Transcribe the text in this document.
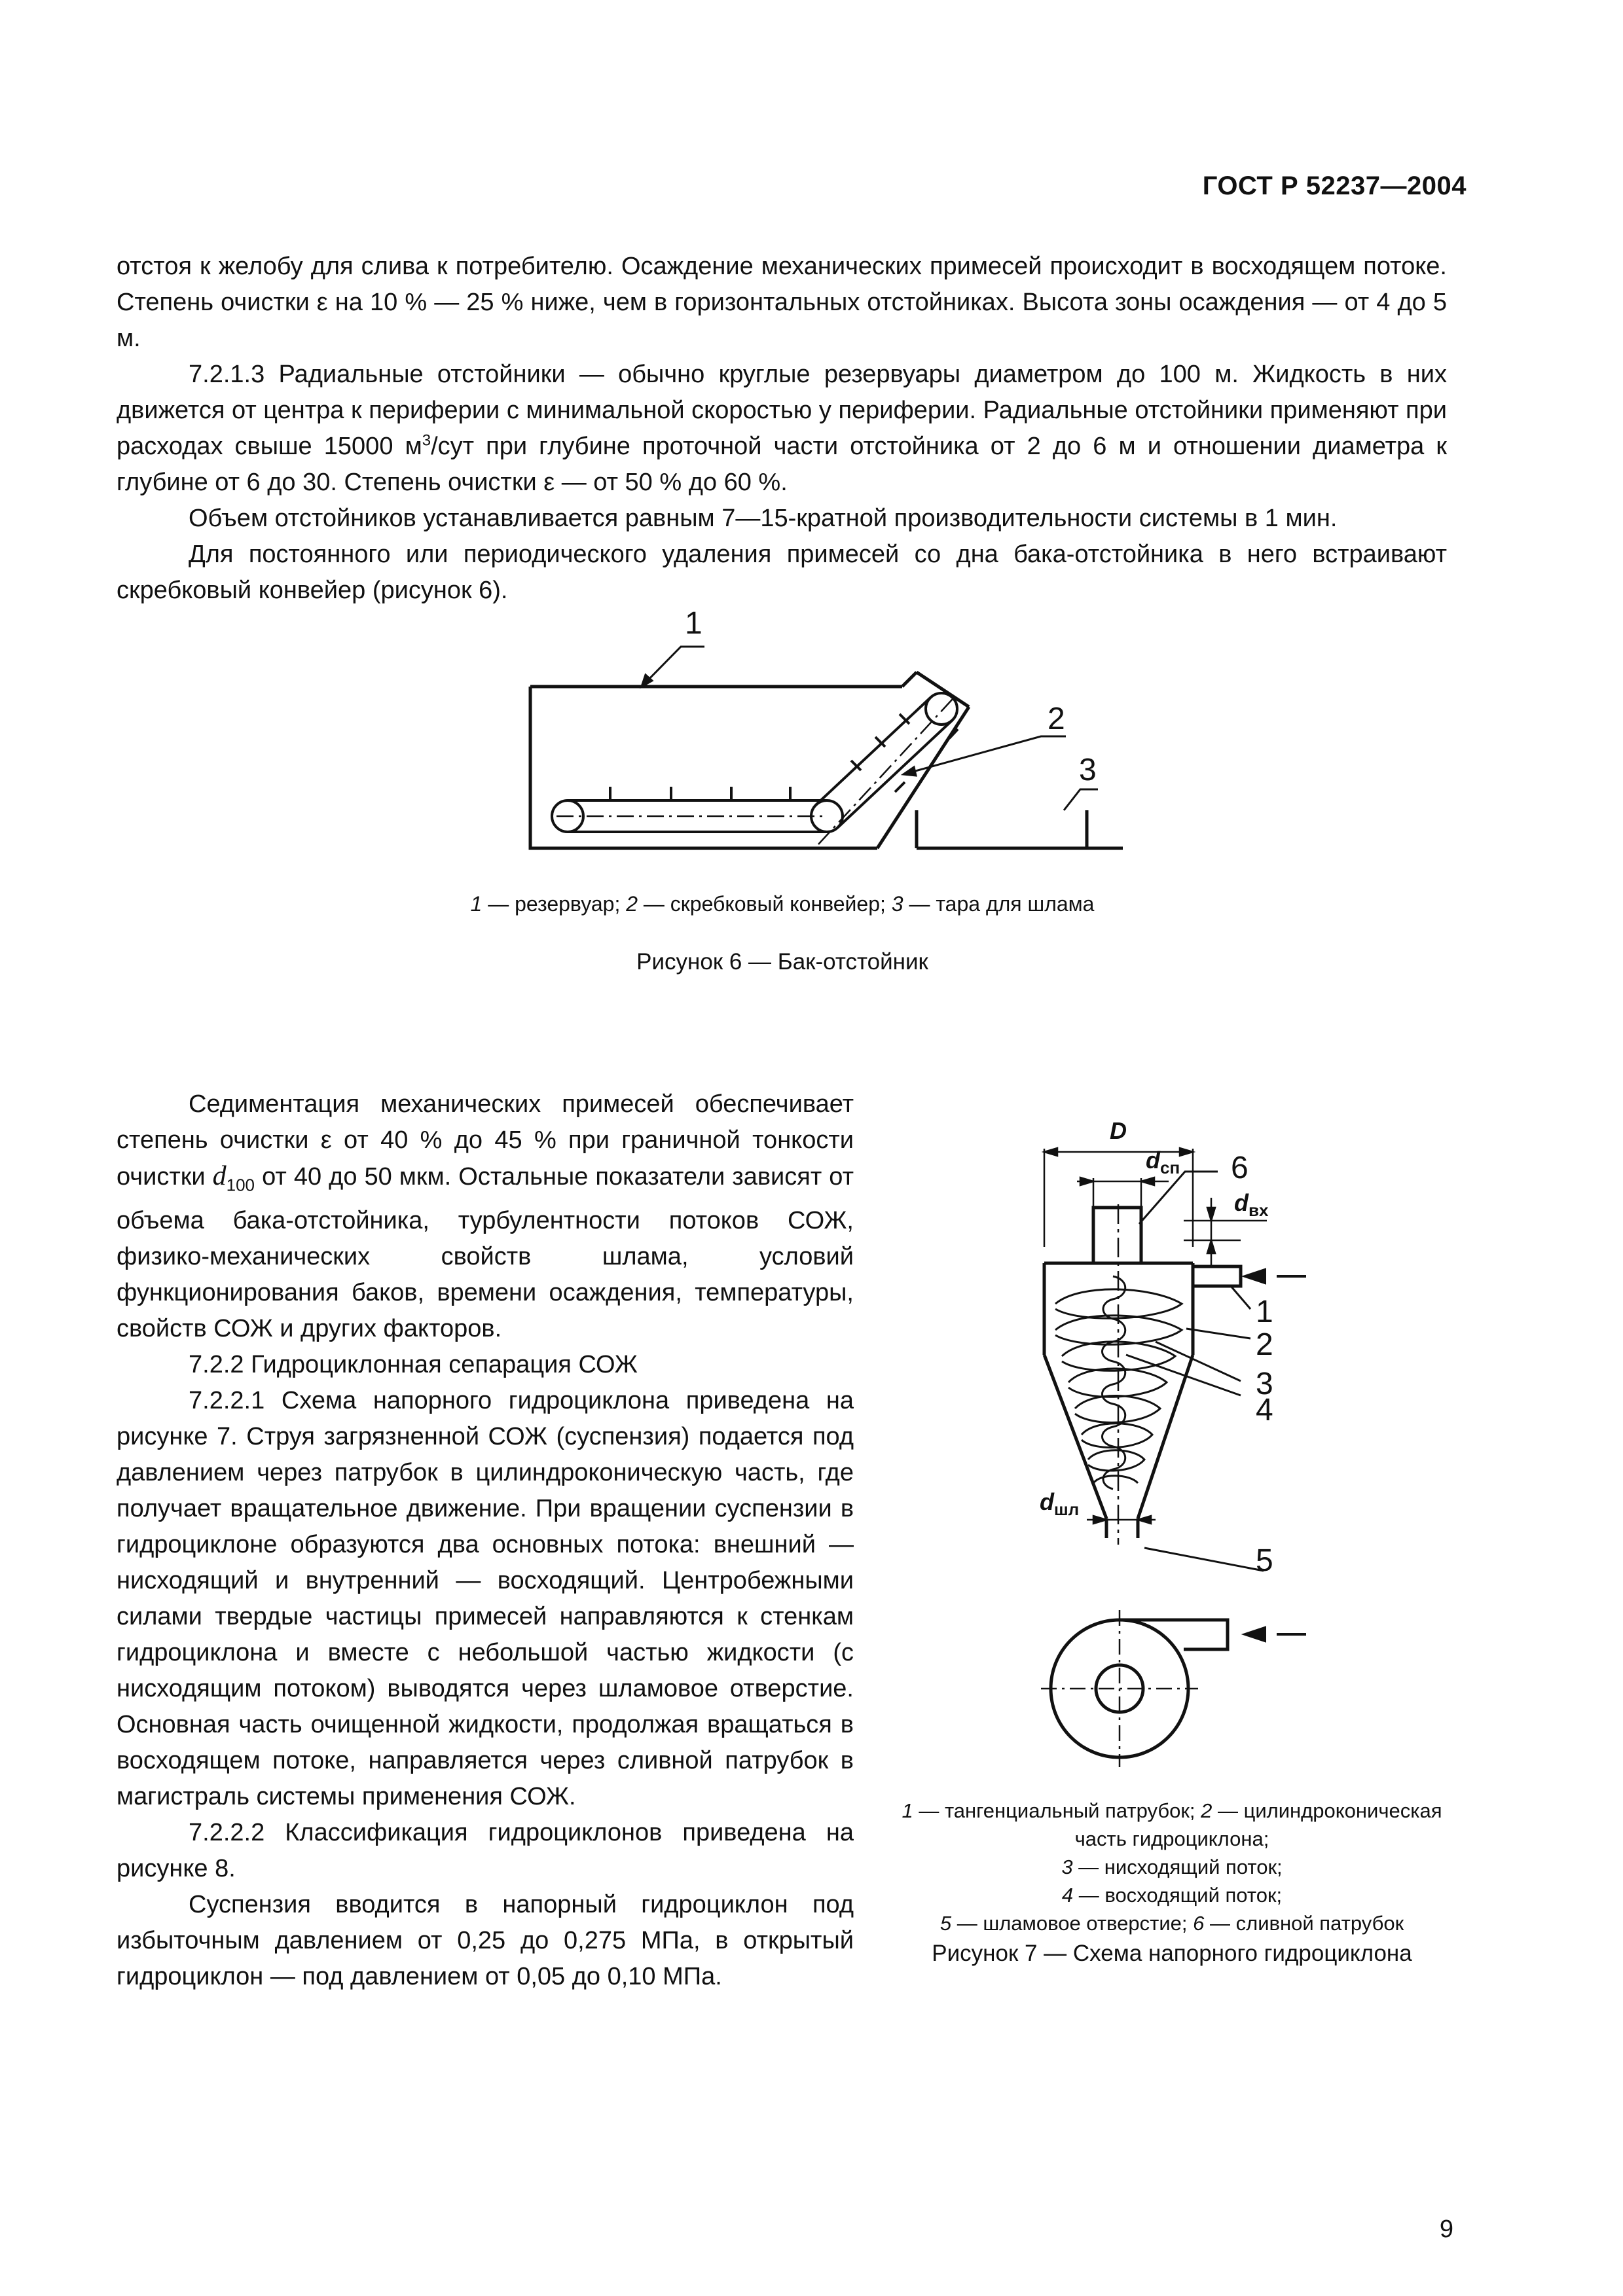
ГОСТ Р 52237—2004

отстоя к желобу для слива к потребителю. Осаждение механических примесей происходит в восходящем потоке. Степень очистки ε на 10 % — 25 % ниже, чем в горизонтальных отстойниках. Высота зоны осаждения — от 4 до 5 м.

7.2.1.3 Радиальные отстойники — обычно круглые резервуары диаметром до 100 м. Жидкость в них движется от центра к периферии с минимальной скоростью у периферии. Радиальные отстойники применяют при расходах свыше 15000 $м^3$/сут при глубине проточной части отстойника от 2 до 6 м и отношении диаметра к глубине от 6 до 30. Степень очистки ε — от 50 % до 60 %.

Объем отстойников устанавливается равным 7—15-кратной производительности системы в 1 мин.

Для постоянного или периодического удаления примесей со дна бака-отстойника в него встраивают скребковый конвейер (рисунок 6).

1
2
3
1 — резервуар; 2 — скребковый конвейер; 3 — тара для шлама
Рисунок 6 — Бак-отстойник

Седиментация механических примесей обеспечивает степень очистки ε от 40 % до 45 % при граничной тонкости очистки $d_{100}$ от 40 до 50 мкм. Остальные показатели зависят от объема бака-отстойника, турбулентности потоков СОЖ, физико-механических свойств шлама, условий функционирования баков, времени осаждения, температуры, свойств СОЖ и других факторов.

7.2.2 Гидроциклонная сепарация СОЖ

7.2.2.1 Схема напорного гидроциклона приведена на рисунке 7. Струя загрязненной СОЖ (суспензия) подается под давлением через патрубок в цилиндроконическую часть, где получает вращательное движение. При вращении суспензии в гидроциклоне образуются два основных потока: внешний — нисходящий и внутренний — восходящий. Центробежными силами твердые частицы примесей направляются к стенкам гидроциклона и вместе с небольшой частью жидкости (с нисходящим потоком) выводятся через шламовое отверстие. Основная часть очищенной жидкости, продолжая вращаться в восходящем потоке, направляется через сливной патрубок в магистраль системы применения СОЖ.

7.2.2.2 Классификация гидроциклонов приведена на рисунке 8.

Суспензия вводится в напорный гидроциклон под избыточным давлением от 0,25 до 0,275 МПа, в открытый гидроциклон — под давлением от 0,05 до 0,10 МПа.

D
$d_{сп}$
$d_{вх}$
$d_{шл}$
6
1
2
3
4
5
1 — тангенциальный патрубок; 2 — цилиндроконическая часть гидроциклона;
3 — нисходящий поток;
4 — восходящий поток;
5 — шламовое отверстие; 6 — сливной патрубок
Рисунок 7 — Схема напорного гидроциклона
9
